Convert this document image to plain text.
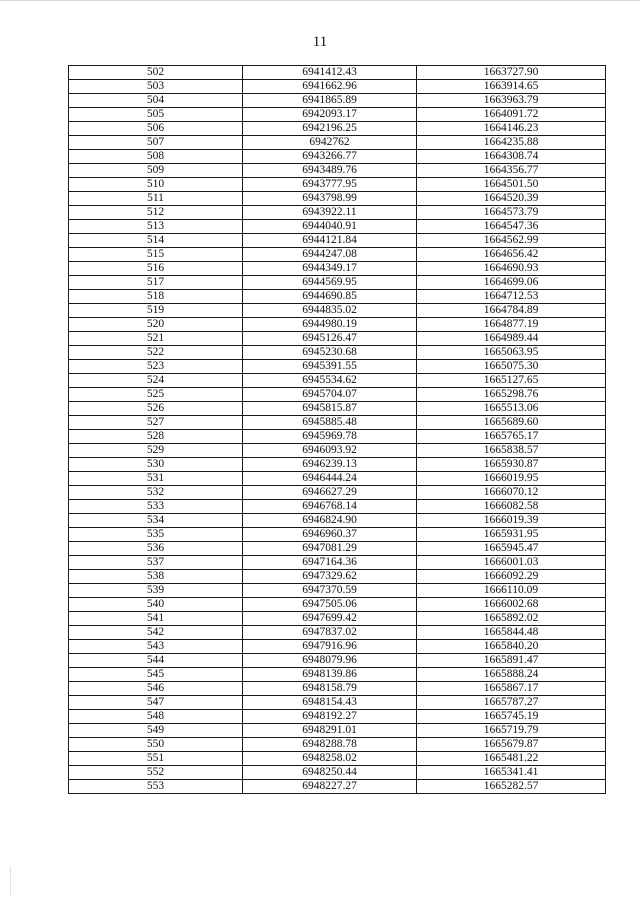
11
502	6941412.43	1663727.90
503	6941662.96	1663914.65
504	6941865.89	1663963.79
505	6942093.17	1664091.72
506	6942196.25	1664146.23
507	6942762	1664235.88
508	6943266.77	1664308.74
509	6943489.76	1664356.77
510	6943777.95	1664501.50
511	6943798.99	1664520.39
512	6943922.11	1664573.79
513	6944040.91	1664547.36
514	6944121.84	1664562.99
515	6944247.08	1664656.42
516	6944349.17	1664690.93
517	6944569.95	1664699.06
518	6944690.85	1664712.53
519	6944835.02	1664784.89
520	6944980.19	1664877.19
521	6945126.47	1664989.44
522	6945230.68	1665063.95
523	6945391.55	1665075.30
524	6945534.62	1665127.65
525	6945704.07	1665298.76
526	6945815.87	1665513.06
527	6945885.48	1665689.60
528	6945969.78	1665765.17
529	6946093.92	1665838.57
530	6946239.13	1665930.87
531	6946444.24	1666019.95
532	6946627.29	1666070.12
533	6946768.14	1666082.58
534	6946824.90	1666019.39
535	6946960.37	1665931.95
536	6947081.29	1665945.47
537	6947164.36	1666001.03
538	6947329.62	1666092.29
539	6947370.59	1666110.09
540	6947505.06	1666002.68
541	6947699.42	1665892.02
542	6947837.02	1665844.48
543	6947916.96	1665840.20
544	6948079.96	1665891.47
545	6948139.86	1665888.24
546	6948158.79	1665867.17
547	6948154.43	1665787.27
548	6948192.27	1665745.19
549	6948291.01	1665719.79
550	6948288.78	1665679.87
551	6948258.02	1665481.22
552	6948250.44	1665341.41
553	6948227.27	1665282.57
